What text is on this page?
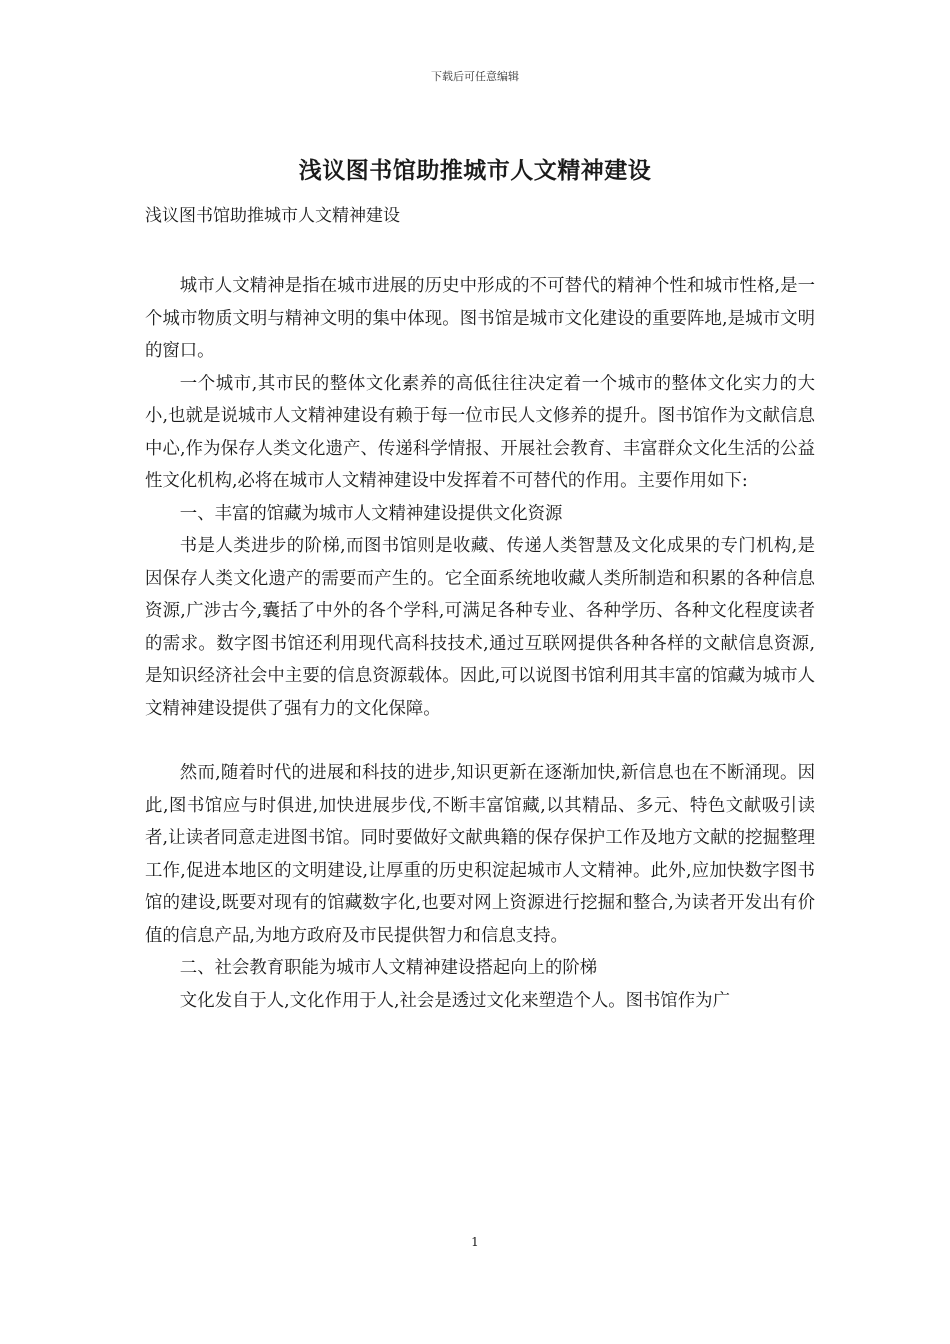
下载后可任意编辑
浅议图书馆助推城市人文精神建设
浅议图书馆助推城市人文精神建设

城市人文精神是指在城市进展的历史中形成的不可替代的精神个性和城市性格,是一个城市物质文明与精神文明的集中体现。图书馆是城市文化建设的重要阵地,是城市文明的窗口。

一个城市,其市民的整体文化素养的高低往往决定着一个城市的整体文化实力的大小,也就是说城市人文精神建设有赖于每一位市民人文修养的提升。图书馆作为文献信息中心,作为保存人类文化遗产、传递科学情报、开展社会教育、丰富群众文化生活的公益性文化机构,必将在城市人文精神建设中发挥着不可替代的作用。主要作用如下:

一、丰富的馆藏为城市人文精神建设提供文化资源

书是人类进步的阶梯,而图书馆则是收藏、传递人类智慧及文化成果的专门机构,是因保存人类文化遗产的需要而产生的。它全面系统地收藏人类所制造和积累的各种信息资源,广涉古今,囊括了中外的各个学科,可满足各种专业、各种学历、各种文化程度读者的需求。数字图书馆还利用现代高科技技术,通过互联网提供各种各样的文献信息资源,是知识经济社会中主要的信息资源载体。因此,可以说图书馆利用其丰富的馆藏为城市人文精神建设提供了强有力的文化保障。

然而,随着时代的进展和科技的进步,知识更新在逐渐加快,新信息也在不断涌现。因此,图书馆应与时俱进,加快进展步伐,不断丰富馆藏,以其精品、多元、特色文献吸引读者,让读者同意走进图书馆。同时要做好文献典籍的保存保护工作及地方文献的挖掘整理工作,促进本地区的文明建设,让厚重的历史积淀起城市人文精神。此外,应加快数字图书馆的建设,既要对现有的馆藏数字化,也要对网上资源进行挖掘和整合,为读者开发出有价值的信息产品,为地方政府及市民提供智力和信息支持。

二、社会教育职能为城市人文精神建设搭起向上的阶梯

文化发自于人,文化作用于人,社会是透过文化来塑造个人。图书馆作为广

1
